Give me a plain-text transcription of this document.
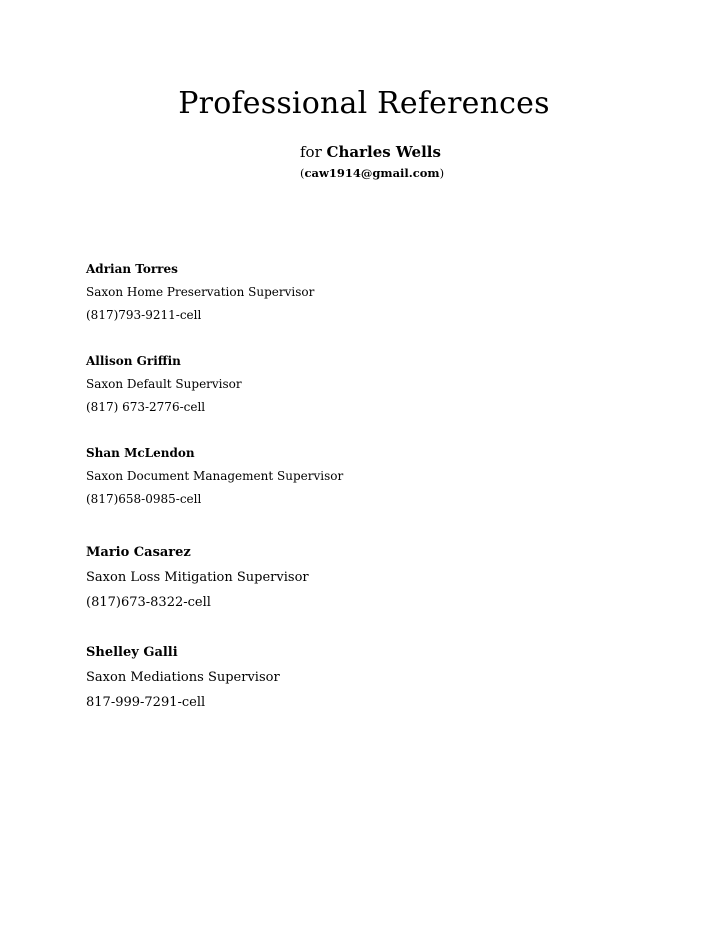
Professional References
for Charles Wells
(caw1914@gmail.com)
Adrian Torres
Saxon Home Preservation Supervisor
(817)793-9211-cell
Allison Griffin
Saxon Default Supervisor
(817) 673-2776-cell
Shan McLendon
Saxon Document Management Supervisor
(817)658-0985-cell
Mario Casarez
Saxon Loss Mitigation Supervisor
(817)673-8322-cell
Shelley Galli
Saxon Mediations Supervisor
817-999-7291-cell
